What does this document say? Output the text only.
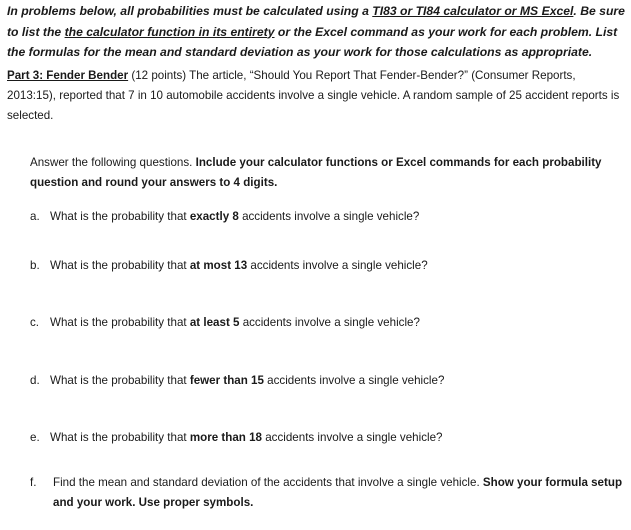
In problems below, all probabilities must be calculated using a TI83 or TI84 calculator or MS Excel. Be sure to list the the calculator function in its entirety or the Excel command as your work for each problem. List the formulas for the mean and standard deviation as your work for those calculations as appropriate.

Part 3: Fender Bender (12 points) The article, “Should You Report That Fender-Bender?” (Consumer Reports, 2013:15), reported that 7 in 10 automobile accidents involve a single vehicle. A random sample of 25 accident reports is selected.

Answer the following questions. Include your calculator functions or Excel commands for each probability question and round your answers to 4 digits.

a. What is the probability that exactly 8 accidents involve a single vehicle?
b. What is the probability that at most 13 accidents involve a single vehicle?
c. What is the probability that at least 5 accidents involve a single vehicle?
d. What is the probability that fewer than 15 accidents involve a single vehicle?
e. What is the probability that more than 18 accidents involve a single vehicle?
f. Find the mean and standard deviation of the accidents that involve a single vehicle. Show your formula setup and your work. Use proper symbols.
